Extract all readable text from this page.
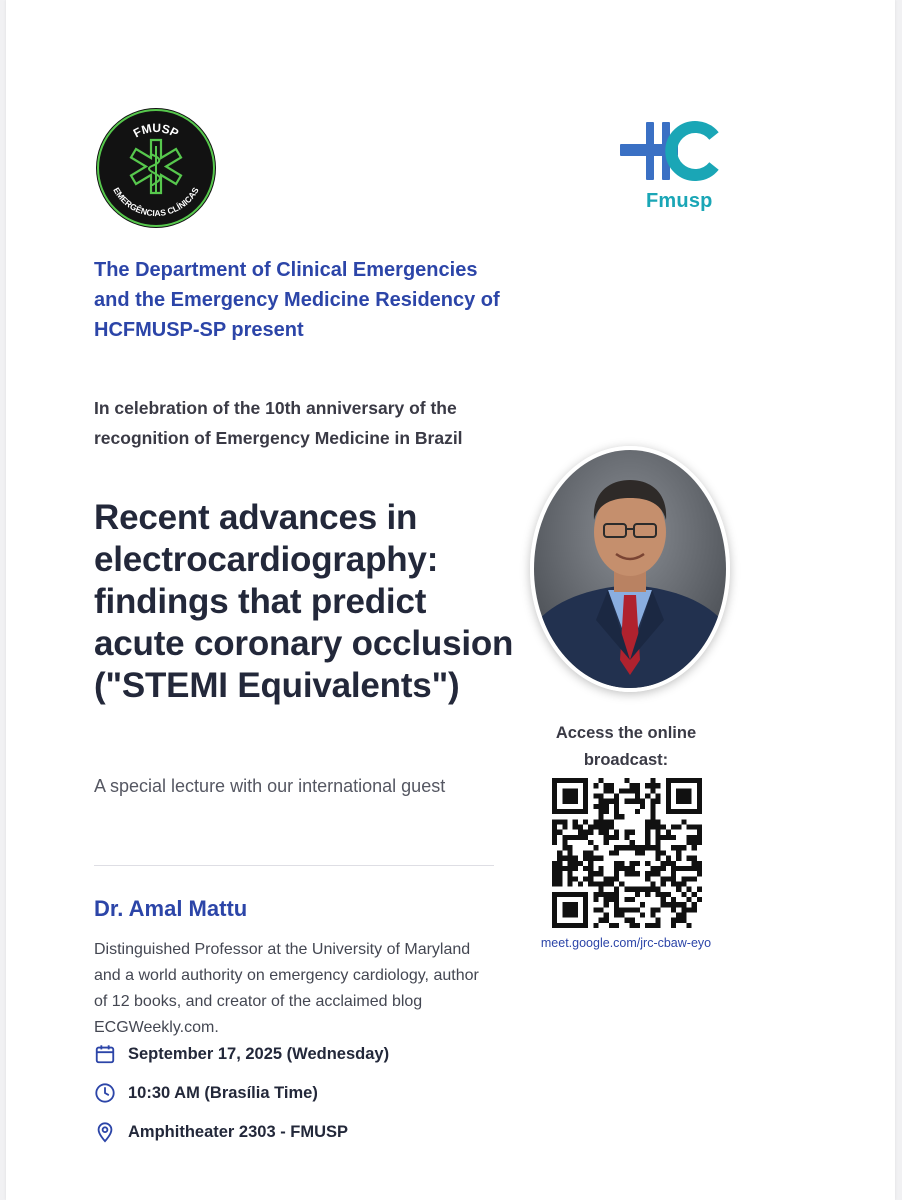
FMUSP
EMERGÊNCIAS CLÍNICAS	Fmusp
The Department of Clinical Emergencies and the Emergency Medicine Residency of HCFMUSP-SP present
In celebration of the 10th anniversary of the recognition of Emergency Medicine in Brazil
Recent advances in electrocardiography: findings that predict acute coronary occlusion ("STEMI Equivalents")
A special lecture with our international guest
Dr. Amal Mattu
Distinguished Professor at the University of Maryland and a world authority on emergency cardiology, author of 12 books, and creator of the acclaimed blog ECGWeekly.com.
September 17, 2025 (Wednesday)
10:30 AM (Brasília Time)
Amphitheater 2303 - FMUSP
Access the online broadcast:
meet.google.com/jrc-cbaw-eyo
